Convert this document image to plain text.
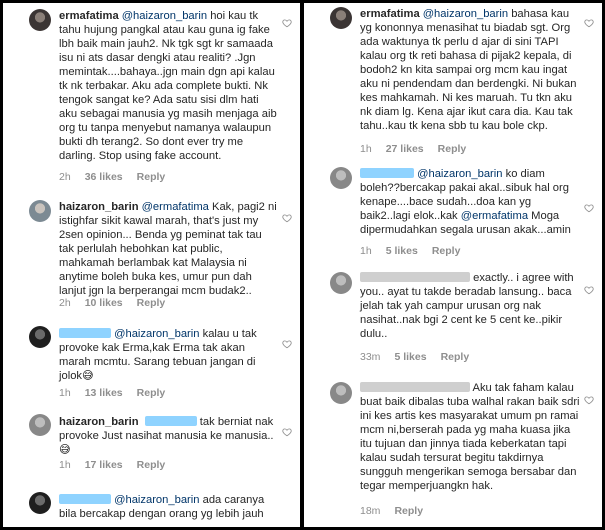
ermafatima @haizaron_barin hoi kau tk tahu hujung pangkal atau kau guna ig fake lbh baik main jauh2. Nk tgk sgt kr samaada isu ni ats dasar dengki atau realiti? .Jgn memintak....bahaya..jgn main dgn api kalau tk nk terbakar. Aku ada complete bukti. Nk tengok sangat ke? Ada satu sisi dlm hati aku sebagai manusia yg masih menjaga aib org tu tanpa menyebut namanya walaupun bukti dh terang2. So dont ever try me darling. Stop using fake account.
2h 36 likes Reply
haizaron_barin @ermafatima Kak, pagi2 ni istighfar sikit kawal marah, that's just my 2sen opinion... Benda yg peminat tak tau tak perlulah hebohkan kat public, mahkamah berlambak kat Malaysia ni anytime boleh buka kes, umur pun dah lanjut jgn la berperangai mcm budak2..
2h 10 likes Reply
@haizaron_barin kalau u tak provoke kak Erma,kak Erma tak akan marah mcmtu. Sarang tebuan jangan di jolok😅
1h 13 likes Reply
haizaron_barin	tak berniat nak provoke Just nasihat manusia ke manusia.. 😅
1h 17 likes Reply
@haizaron_barin ada caranya bila bercakap dengan orang yg lebih jauh
ermafatima @haizaron_barin bahasa kau yg kononnya menasihat tu biadab sgt. Org ada waktunya tk perlu d ajar di sini TAPI kalau org tk reti bahasa di pijak2 kepala, di bodoh2 kn kita sampai org mcm kau ingat aku ni pendendam dan berdengki. Ni bukan kes mahkamah. Ni kes maruah. Tu tkn aku nk diam lg. Kena ajar ikut cara dia. Kau tak tahu..kau tk kena sbb tu kau bole ckp.
1h 27 likes Reply
@haizaron_barin ko diam boleh??bercakap pakai akal..sibuk hal org kenape....bace sudah...doa kan yg baik2..lagi elok..kak @ermafatima Moga dipermudahkan segala urusan akak...amin
1h 5 likes Reply
exactly.. i agree with you.. ayat tu takde beradab lansung.. baca jelah tak yah campur urusan org nak nasihat..nak bgi 2 cent ke 5 cent ke..pikir dulu..
33m 5 likes Reply
Aku tak faham kalau buat baik dibalas tuba walhal rakan baik sdri ini kes artis kes masyarakat umum pn ramai mcm ni,berserah pada yg maha kuasa jika itu tujuan dan jinnya tiada keberkatan tapi kalau sudah tersurat begitu takdirnya sungguh mengerikan semoga bersabar dan tegar memperjuangkn hak.
18m Reply
